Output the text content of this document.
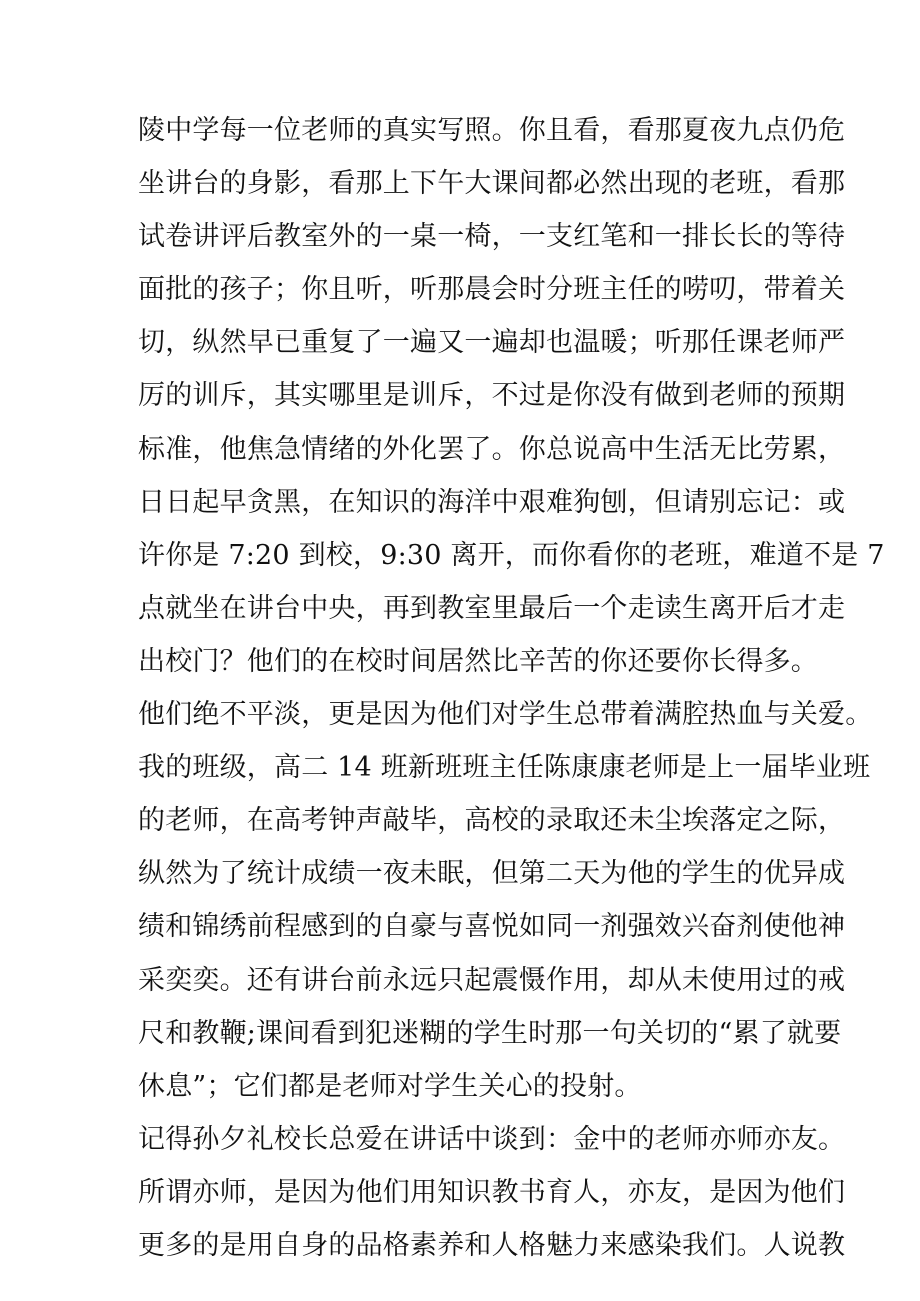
陵中学每一位老师的真实写照。你且看，看那夏夜九点仍危
坐讲台的身影，看那上下午大课间都必然出现的老班，看那
试卷讲评后教室外的一桌一椅，一支红笔和一排长长的等待
面批的孩子；你且听，听那晨会时分班主任的唠叨，带着关
切，纵然早已重复了一遍又一遍却也温暖；听那任课老师严
厉的训斥，其实哪里是训斥，不过是你没有做到老师的预期
标准，他焦急情绪的外化罢了。你总说高中生活无比劳累，
日日起早贪黑，在知识的海洋中艰难狗刨，但请别忘记：或
许你是 7:20 到校，9:30 离开，而你看你的老班，难道不是 7
点就坐在讲台中央，再到教室里最后一个走读生离开后才走
出校门？他们的在校时间居然比辛苦的你还要你长得多。
他们绝不平淡，更是因为他们对学生总带着满腔热血与关爱。
我的班级，高二 14 班新班班主任陈康康老师是上一届毕业班
的老师，在高考钟声敲毕，高校的录取还未尘埃落定之际，
纵然为了统计成绩一夜未眠，但第二天为他的学生的优异成
绩和锦绣前程感到的自豪与喜悦如同一剂强效兴奋剂使他神
采奕奕。还有讲台前永远只起震慑作用，却从未使用过的戒
尺和教鞭;课间看到犯迷糊的学生时那一句关切的“累了就要
休息”；它们都是老师对学生关心的投射。
记得孙夕礼校长总爱在讲话中谈到：金中的老师亦师亦友。
所谓亦师，是因为他们用知识教书育人，亦友，是因为他们
更多的是用自身的品格素养和人格魅力来感染我们。人说教
